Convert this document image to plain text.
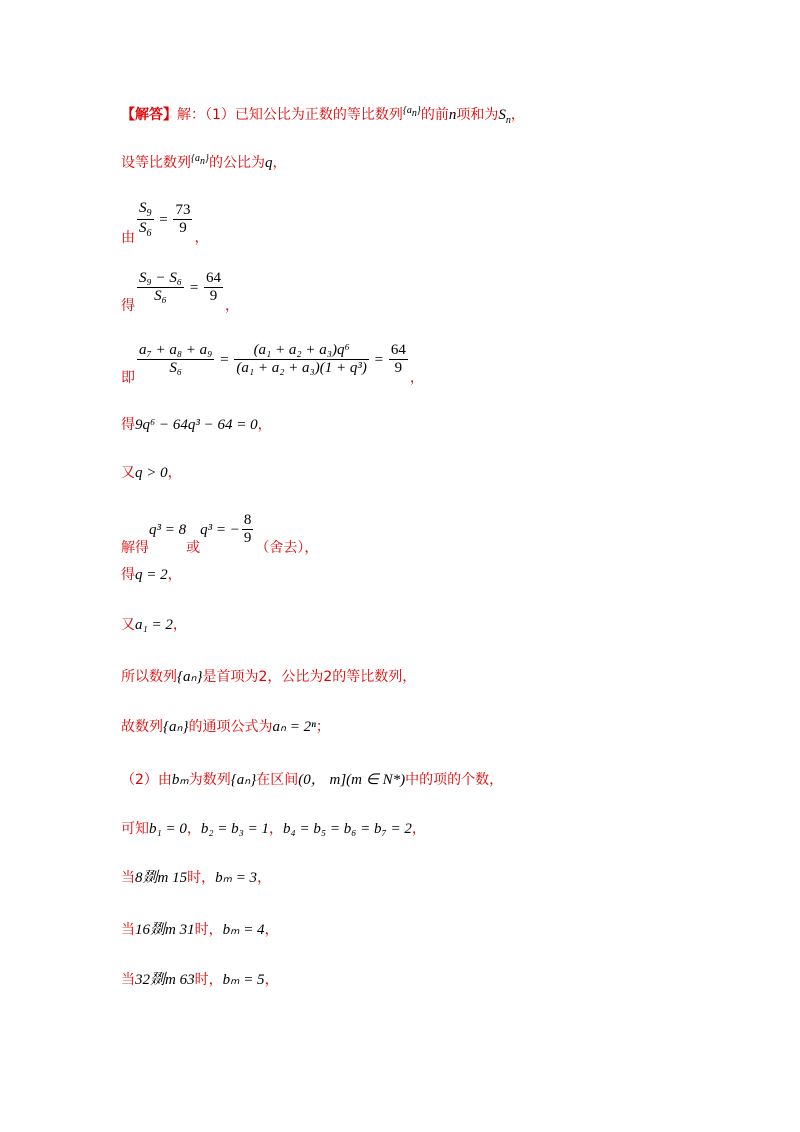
【解答】解：（1）已知公比为正数的等比数列$^{\{a_n\}}$的前n项和为$S_n$，
设等比数列$^{\{a_n\}}$的公比为q，
由 $\frac{S_9}{S_6} = \frac{73}{9}$
，
得
$\frac{\text{S₉ − S₆}}{\text{S₆}} = \frac{64}{9}$
，
即
$\frac{\text{a₇ + a₈ + a₉}}{\text{S₆}} = \frac{\text{(a₁ + a₂ + a₃)q⁶}}{\text{(a₁ + a₂ + a₃)(1 + q³)}} = \frac{64}{9}$
，
得9q⁶ − 64q³ − 64 = 0，
又q > 0，
解得q³ = 8或q³ = − $\frac{8}{9}$
（舍去），
得q = 2，
又a₁ = 2，
所以数列{aₙ}是首项为2，公比为2的等比数列，
故数列{aₙ}的通项公式为aₙ = 2ⁿ；
（2）由bₘ为数列{aₙ}在区间(0， m](m ∈ N*)中的项的个数，
可知b₁ = 0，b₂ = b₃ = 1，b₄ = b₅ = b₆ = b₇ = 2，
当8剟m 15时，bₘ = 3，
当16剟m 31时，bₘ = 4，
当32剟m 63时，bₘ = 5，
